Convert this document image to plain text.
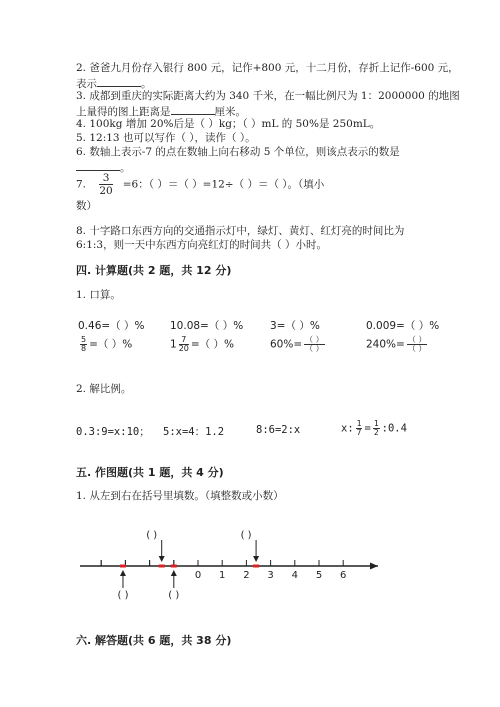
2. 爸爸九月份存入银行 800 元，记作+800 元，十二月份，存折上记作-600 元，
表示	。
3. 成都到重庆的实际距离大约为 340 千米，在一幅比例尺为 1：2000000 的地图
上量得的图上距离是	厘米。
4. 100kg 增加 20%后是（ ）kg；（ ）mL 的 50%是 250mL。
5. 12:13 也可以写作（ ），读作（ ）。
6. 数轴上表示-7 的点在数轴上向右移动 5 个单位，则该点表示的数是
。
7. $\frac{3}{20} =6$：（ ）＝（ ）=12÷（ ）＝（ ）。（填小
数）
8. 十字路口东西方向的交通指示灯中，绿灯、黄灯、红灯亮的时间比为
6:1:3，则一天中东西方向亮红灯的时间共（ ）小时。
四. 计算题(共 2 题，共 12 分)
1. 口算。
0.46=（ ）% 10.08=（ ）%	3=（ ）%	0.009=（ ）%
$\frac{5}{8}$ =（ ）%	$1 \frac{7}{20}$ =（ ）%	$60\%= \frac{( )}{( )}$	$240\%= \frac{( )}{( )}$
2. 解比例。
0.3:9=x:10； 5:x=4：1.2	8:6=2:x	x: $\frac{1}{7} = \frac{1}{2}$ :0.4
五. 作图题(共 1 题，共 4 分)
1. 从左到右在括号里填数。（填整数或小数）
0 1 2 3 4 5 6
( )	( )
( )	( )
六. 解答题(共 6 题，共 38 分)
